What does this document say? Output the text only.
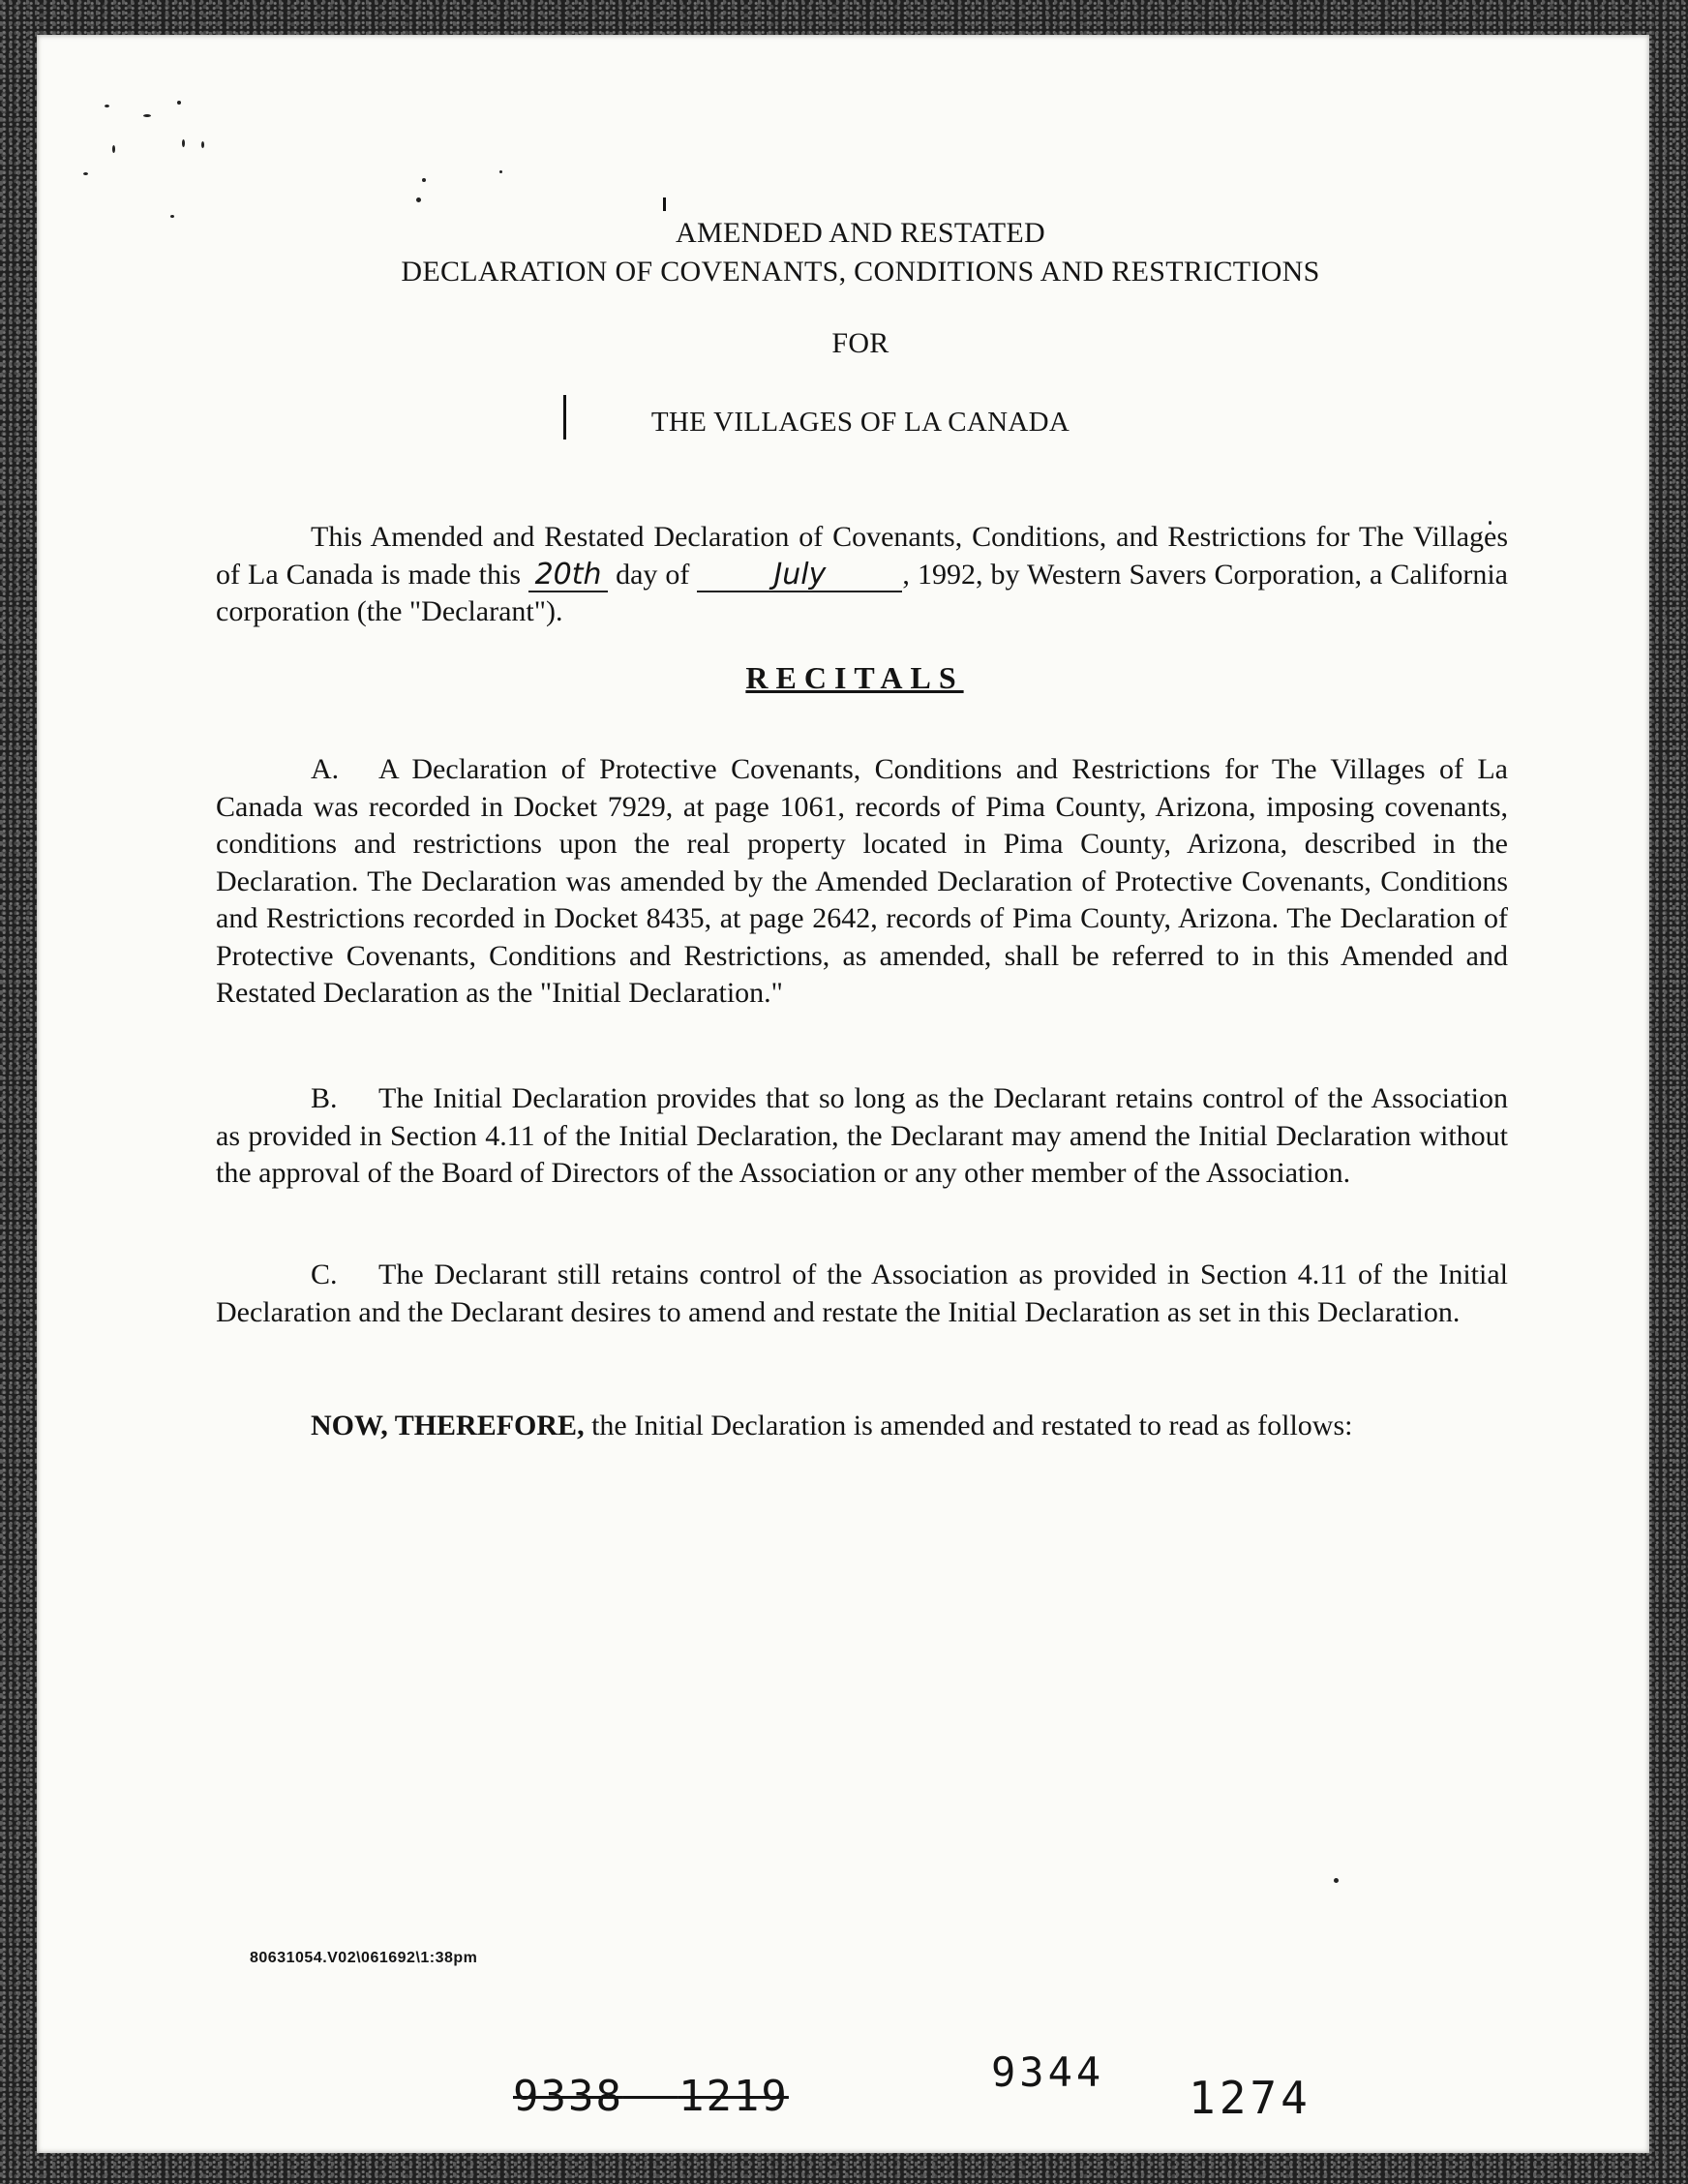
AMENDED AND RESTATED
DECLARATION OF COVENANTS, CONDITIONS AND RESTRICTIONS
FOR
THE VILLAGES OF LA CANADA
This Amended and Restated Declaration of Covenants, Conditions, and Restrictions for The Villages of La Canada is made this 20th day of	July	, 1992, by Western Savers Corporation, a California corporation (the "Declarant").
RECITALS
A. A Declaration of Protective Covenants, Conditions and Restrictions for The Villages of La Canada was recorded in Docket 7929, at page 1061, records of Pima County, Arizona, imposing covenants, conditions and restrictions upon the real property located in Pima County, Arizona, described in the Declaration. The Declaration was amended by the Amended Declaration of Protective Covenants, Conditions and Restrictions recorded in Docket 8435, at page 2642, records of Pima County, Arizona. The Declaration of Protective Covenants, Conditions and Restrictions, as amended, shall be referred to in this Amended and Restated Declaration as the "Initial Declaration."
B. The Initial Declaration provides that so long as the Declarant retains control of the Association as provided in Section 4.11 of the Initial Declaration, the Declarant may amend the Initial Declaration without the approval of the Board of Directors of the Association or any other member of the Association.
C. The Declarant still retains control of the Association as provided in Section 4.11 of the Initial Declaration and the Declarant desires to amend and restate the Initial Declaration as set in this Declaration.
NOW, THEREFORE, the Initial Declaration is amended and restated to read as follows:
80631054.V02\061692\1:38pm
9338 1219	9344 1274
